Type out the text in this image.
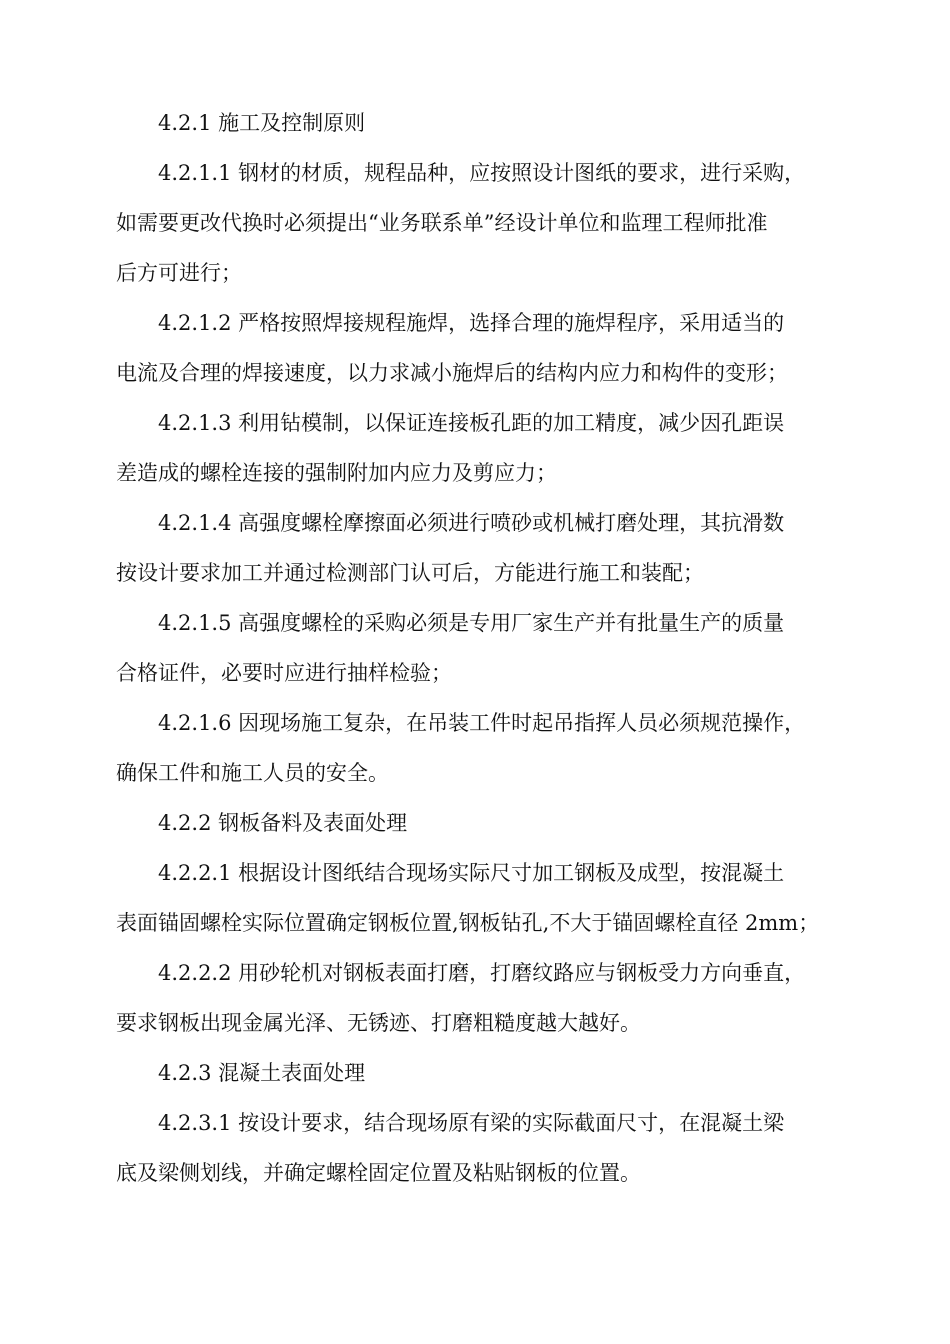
4.2.1 施工及控制原则
4.2.1.1 钢材的材质，规程品种，应按照设计图纸的要求，进行采购，
如需要更改代换时必须提出“业务联系单”经设计单位和监理工程师批准
后方可进行；
4.2.1.2 严格按照焊接规程施焊，选择合理的施焊程序，采用适当的
电流及合理的焊接速度，以力求减小施焊后的结构内应力和构件的变形；
4.2.1.3 利用钻模制，以保证连接板孔距的加工精度，减少因孔距误
差造成的螺栓连接的强制附加内应力及剪应力；
4.2.1.4 高强度螺栓摩擦面必须进行喷砂或机械打磨处理，其抗滑数
按设计要求加工并通过检测部门认可后，方能进行施工和装配；
4.2.1.5 高强度螺栓的采购必须是专用厂家生产并有批量生产的质量
合格证件，必要时应进行抽样检验；
4.2.1.6 因现场施工复杂，在吊装工件时起吊指挥人员必须规范操作，
确保工件和施工人员的安全。
4.2.2 钢板备料及表面处理
4.2.2.1 根据设计图纸结合现场实际尺寸加工钢板及成型，按混凝土
表面锚固螺栓实际位置确定钢板位置,钢板钻孔,不大于锚固螺栓直径 2mm；
4.2.2.2 用砂轮机对钢板表面打磨，打磨纹路应与钢板受力方向垂直，
要求钢板出现金属光泽、无锈迹、打磨粗糙度越大越好。
4.2.3 混凝土表面处理
4.2.3.1 按设计要求，结合现场原有梁的实际截面尺寸，在混凝土梁
底及梁侧划线，并确定螺栓固定位置及粘贴钢板的位置。
